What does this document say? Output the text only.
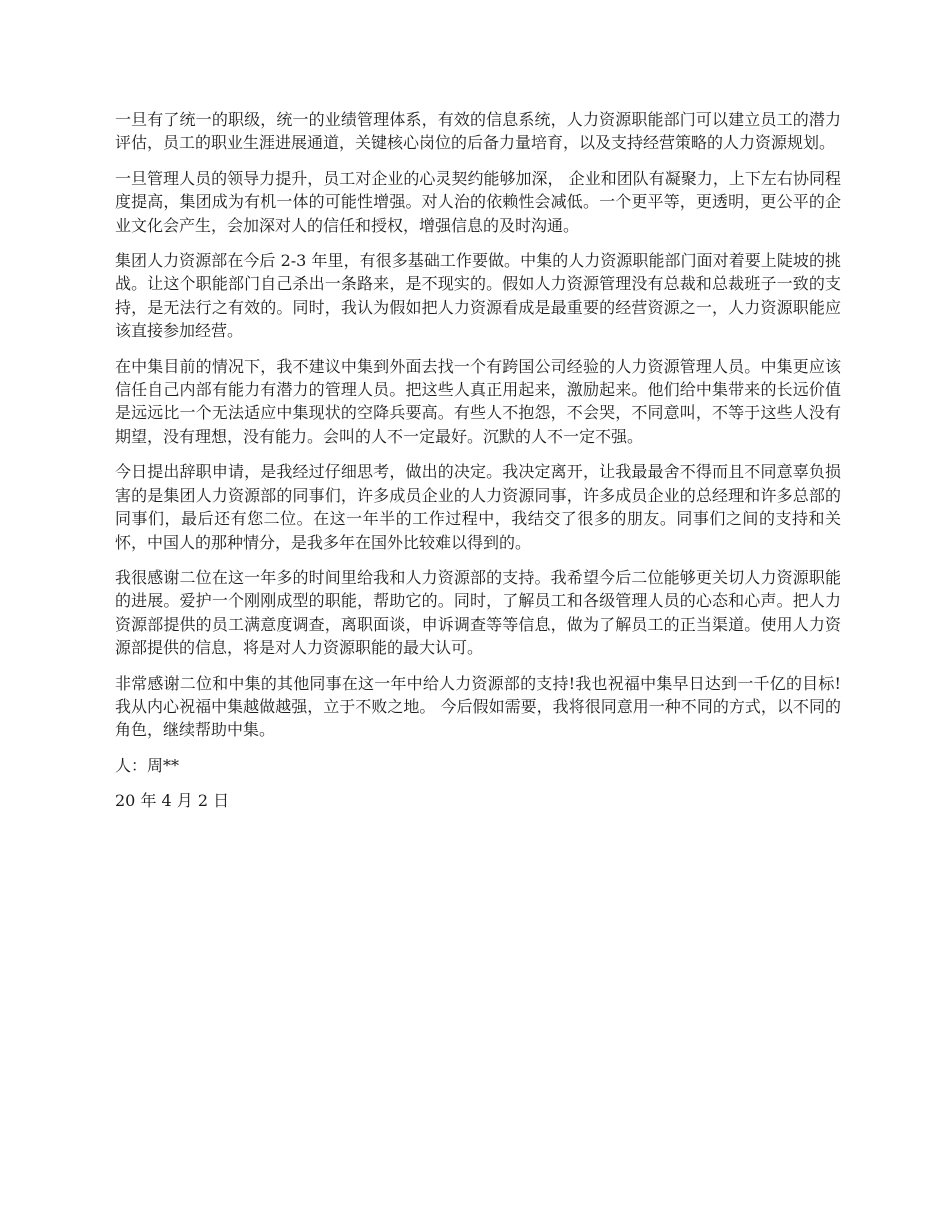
一旦有了统一的职级，统一的业绩管理体系，有效的信息系统，人力资源职能部门可以建立员工的潜力评估，员工的职业生涯进展通道，关键核心岗位的后备力量培育，以及支持经营策略的人力资源规划。

一旦管理人员的领导力提升，员工对企业的心灵契约能够加深， 企业和团队有凝聚力，上下左右协同程度提高，集团成为有机一体的可能性增强。对人治的依赖性会减低。一个更平等，更透明，更公平的企业文化会产生，会加深对人的信任和授权，增强信息的及时沟通。

集团人力资源部在今后 2-3 年里，有很多基础工作要做。中集的人力资源职能部门面对着要上陡坡的挑战。让这个职能部门自己杀出一条路来，是不现实的。假如人力资源管理没有总裁和总裁班子一致的支持，是无法行之有效的。同时，我认为假如把人力资源看成是最重要的经营资源之一，人力资源职能应该直接参加经营。

在中集目前的情况下，我不建议中集到外面去找一个有跨国公司经验的人力资源管理人员。中集更应该信任自己内部有能力有潜力的管理人员。把这些人真正用起来，激励起来。他们给中集带来的长远价值是远远比一个无法适应中集现状的空降兵要高。有些人不抱怨，不会哭，不同意叫，不等于这些人没有期望，没有理想，没有能力。会叫的人不一定最好。沉默的人不一定不强。

今日提出辞职申请，是我经过仔细思考，做出的决定。我决定离开，让我最最舍不得而且不同意辜负损害的是集团人力资源部的同事们，许多成员企业的人力资源同事，许多成员企业的总经理和许多总部的同事们，最后还有您二位。在这一年半的工作过程中，我结交了很多的朋友。同事们之间的支持和关怀，中国人的那种情分，是我多年在国外比较难以得到的。

我很感谢二位在这一年多的时间里给我和人力资源部的支持。我希望今后二位能够更关切人力资源职能的进展。爱护一个刚刚成型的职能，帮助它的。同时，了解员工和各级管理人员的心态和心声。把人力资源部提供的员工满意度调查，离职面谈，申诉调查等等信息，做为了解员工的正当渠道。使用人力资源部提供的信息，将是对人力资源职能的最大认可。

非常感谢二位和中集的其他同事在这一年中给人力资源部的支持!我也祝福中集早日达到一千亿的目标!我从内心祝福中集越做越强，立于不败之地。 今后假如需要，我将很同意用一种不同的方式，以不同的角色，继续帮助中集。

人：周**

20 年 4 月 2 日
